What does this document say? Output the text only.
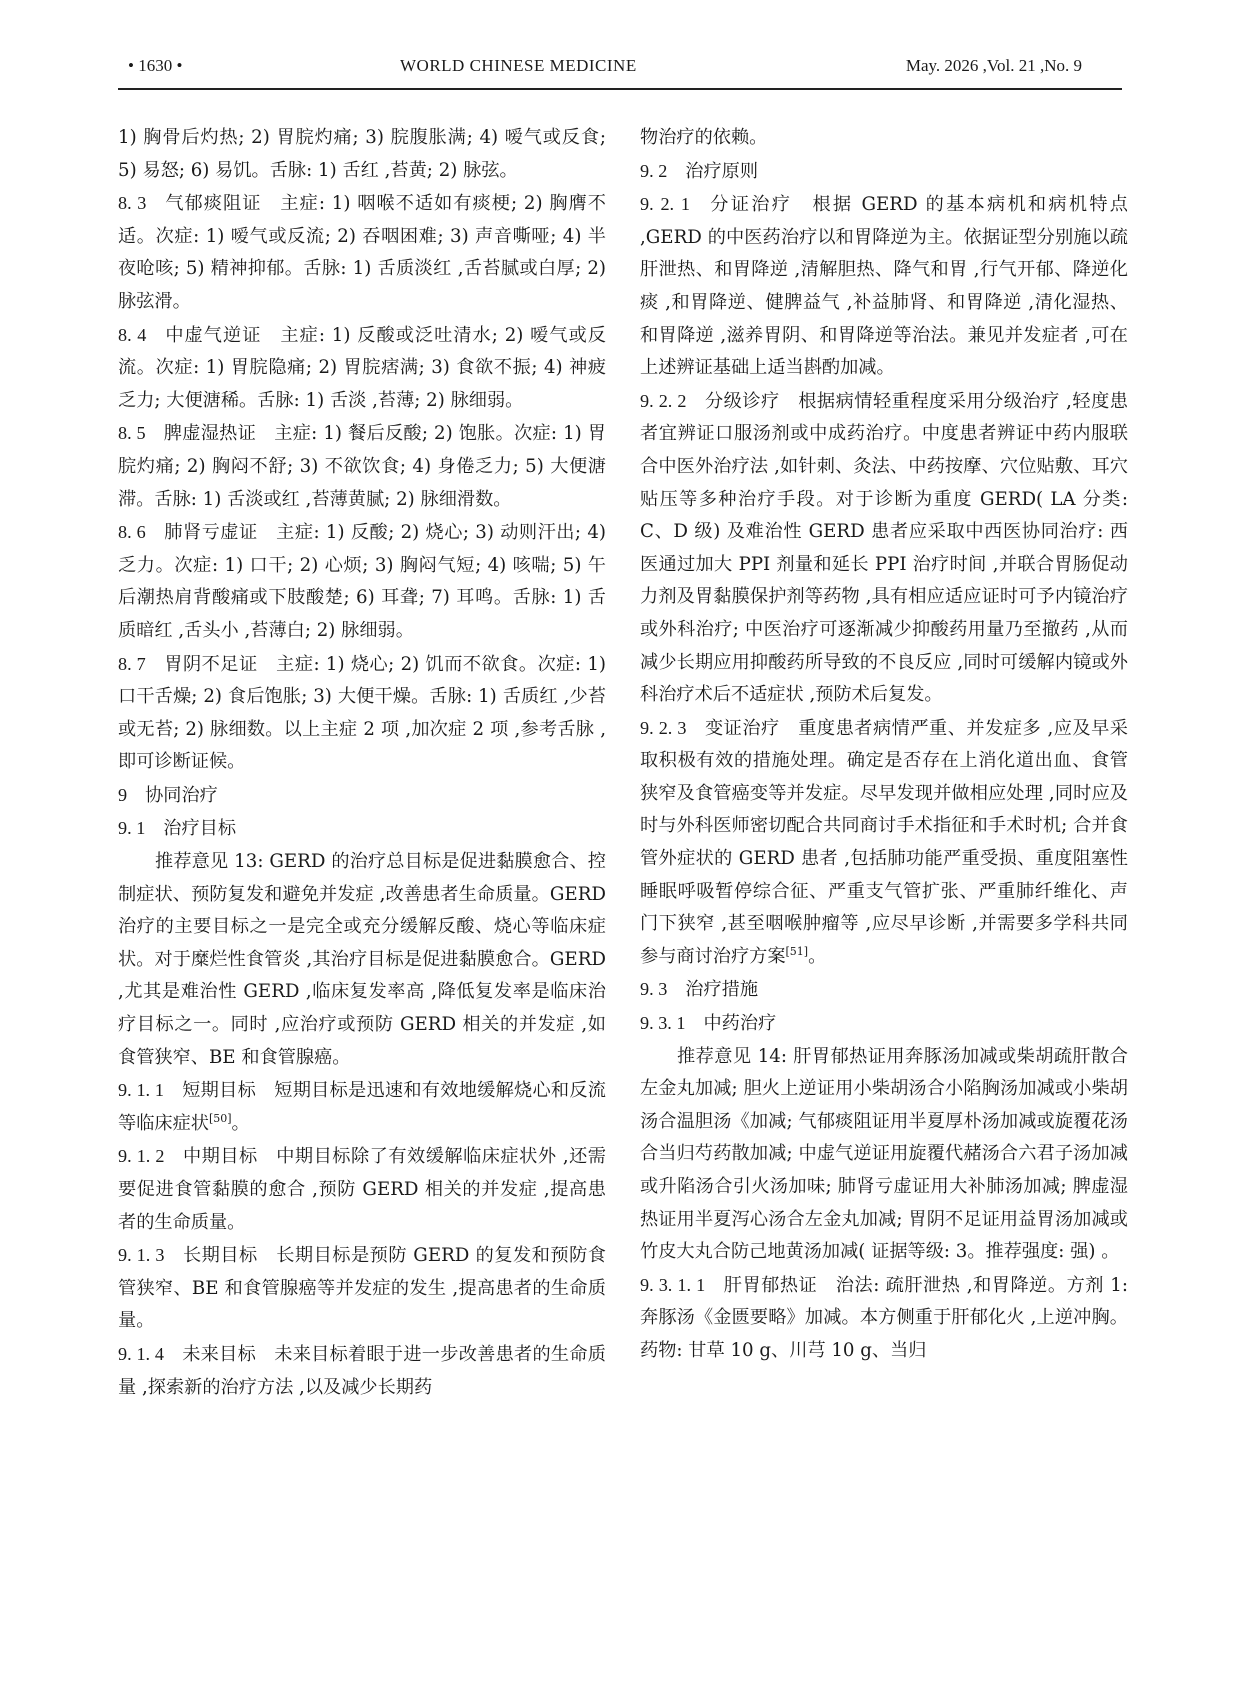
• 1630 •	WORLD CHINESE MEDICINE	May. 2026 ,Vol. 21 ,No. 9

1) 胸骨后灼热; 2) 胃脘灼痛; 3) 脘腹胀满; 4) 嗳气或反食; 5) 易怒; 6) 易饥。舌脉: 1) 舌红 ,苔黄; 2) 脉弦。

8. 3 气郁痰阻证 主症: 1) 咽喉不适如有痰梗; 2) 胸膺不适。次症: 1) 嗳气或反流; 2) 吞咽困难; 3) 声音嘶哑; 4) 半夜呛咳; 5) 精神抑郁。舌脉: 1) 舌质淡红 ,舌苔腻或白厚; 2) 脉弦滑。

8. 4 中虚气逆证 主症: 1) 反酸或泛吐清水; 2) 嗳气或反流。次症: 1) 胃脘隐痛; 2) 胃脘痞满; 3) 食欲不振; 4) 神疲乏力; 大便溏稀。舌脉: 1) 舌淡 ,苔薄; 2) 脉细弱。

8. 5 脾虚湿热证 主症: 1) 餐后反酸; 2) 饱胀。次症: 1) 胃脘灼痛; 2) 胸闷不舒; 3) 不欲饮食; 4) 身倦乏力; 5) 大便溏滞。舌脉: 1) 舌淡或红 ,苔薄黄腻; 2) 脉细滑数。

8. 6 肺肾亏虚证 主症: 1) 反酸; 2) 烧心; 3) 动则汗出; 4) 乏力。次症: 1) 口干; 2) 心烦; 3) 胸闷气短; 4) 咳喘; 5) 午后潮热肩背酸痛或下肢酸楚; 6) 耳聋; 7) 耳鸣。舌脉: 1) 舌质暗红 ,舌头小 ,苔薄白; 2) 脉细弱。

8. 7 胃阴不足证 主症: 1) 烧心; 2) 饥而不欲食。次症: 1) 口干舌燥; 2) 食后饱胀; 3) 大便干燥。舌脉: 1) 舌质红 ,少苔或无苔; 2) 脉细数。以上主症 2 项 ,加次症 2 项 ,参考舌脉 ,即可诊断证候。

9 协同治疗

9. 1 治疗目标

推荐意见 13: GERD 的治疗总目标是促进黏膜愈合、控制症状、预防复发和避免并发症 ,改善患者生命质量。GERD 治疗的主要目标之一是完全或充分缓解反酸、烧心等临床症状。对于糜烂性食管炎 ,其治疗目标是促进黏膜愈合。GERD ,尤其是难治性 GERD ,临床复发率高 ,降低复发率是临床治疗目标之一。同时 ,应治疗或预防 GERD 相关的并发症 ,如食管狭窄、BE 和食管腺癌。

9. 1. 1 短期目标 短期目标是迅速和有效地缓解烧心和反流等临床症状[50]。

9. 1. 2 中期目标 中期目标除了有效缓解临床症状外 ,还需要促进食管黏膜的愈合 ,预防 GERD 相关的并发症 ,提高患者的生命质量。

9. 1. 3 长期目标 长期目标是预防 GERD 的复发和预防食管狭窄、BE 和食管腺癌等并发症的发生 ,提高患者的生命质量。

9. 1. 4 未来目标 未来目标着眼于进一步改善患者的生命质量 ,探索新的治疗方法 ,以及减少长期药

物治疗的依赖。

9. 2 治疗原则

9. 2. 1 分证治疗 根据 GERD 的基本病机和病机特点 ,GERD 的中医药治疗以和胃降逆为主。依据证型分别施以疏肝泄热、和胃降逆 ,清解胆热、降气和胃 ,行气开郁、降逆化痰 ,和胃降逆、健脾益气 ,补益肺肾、和胃降逆 ,清化湿热、和胃降逆 ,滋养胃阴、和胃降逆等治法。兼见并发症者 ,可在上述辨证基础上适当斟酌加减。

9. 2. 2 分级诊疗 根据病情轻重程度采用分级治疗 ,轻度患者宜辨证口服汤剂或中成药治疗。中度患者辨证中药内服联合中医外治疗法 ,如针刺、灸法、中药按摩、穴位贴敷、耳穴贴压等多种治疗手段。对于诊断为重度 GERD( LA 分类: C、D 级) 及难治性 GERD 患者应采取中西医协同治疗: 西医通过加大 PPI 剂量和延长 PPI 治疗时间 ,并联合胃肠促动力剂及胃黏膜保护剂等药物 ,具有相应适应证时可予内镜治疗或外科治疗; 中医治疗可逐渐减少抑酸药用量乃至撤药 ,从而减少长期应用抑酸药所导致的不良反应 ,同时可缓解内镜或外科治疗术后不适症状 ,预防术后复发。

9. 2. 3 变证治疗 重度患者病情严重、并发症多 ,应及早采取积极有效的措施处理。确定是否存在上消化道出血、食管狭窄及食管癌变等并发症。尽早发现并做相应处理 ,同时应及时与外科医师密切配合共同商讨手术指征和手术时机; 合并食管外症状的 GERD 患者 ,包括肺功能严重受损、重度阻塞性睡眠呼吸暂停综合征、严重支气管扩张、严重肺纤维化、声门下狭窄 ,甚至咽喉肿瘤等 ,应尽早诊断 ,并需要多学科共同参与商讨治疗方案[51]。

9. 3 治疗措施

9. 3. 1 中药治疗

推荐意见 14: 肝胃郁热证用奔豚汤加减或柴胡疏肝散合左金丸加减; 胆火上逆证用小柴胡汤合小陷胸汤加减或小柴胡汤合温胆汤《加减; 气郁痰阻证用半夏厚朴汤加减或旋覆花汤合当归芍药散加减; 中虚气逆证用旋覆代赭汤合六君子汤加减或升陷汤合引火汤加味; 肺肾亏虚证用大补肺汤加减; 脾虚湿热证用半夏泻心汤合左金丸加减; 胃阴不足证用益胃汤加减或竹皮大丸合防己地黄汤加减( 证据等级: 3。推荐强度: 强) 。

9. 3. 1. 1 肝胃郁热证 治法: 疏肝泄热 ,和胃降逆。方剂 1: 奔豚汤《金匮要略》加减。本方侧重于肝郁化火 ,上逆冲胸。药物: 甘草 10 g、川芎 10 g、当归
